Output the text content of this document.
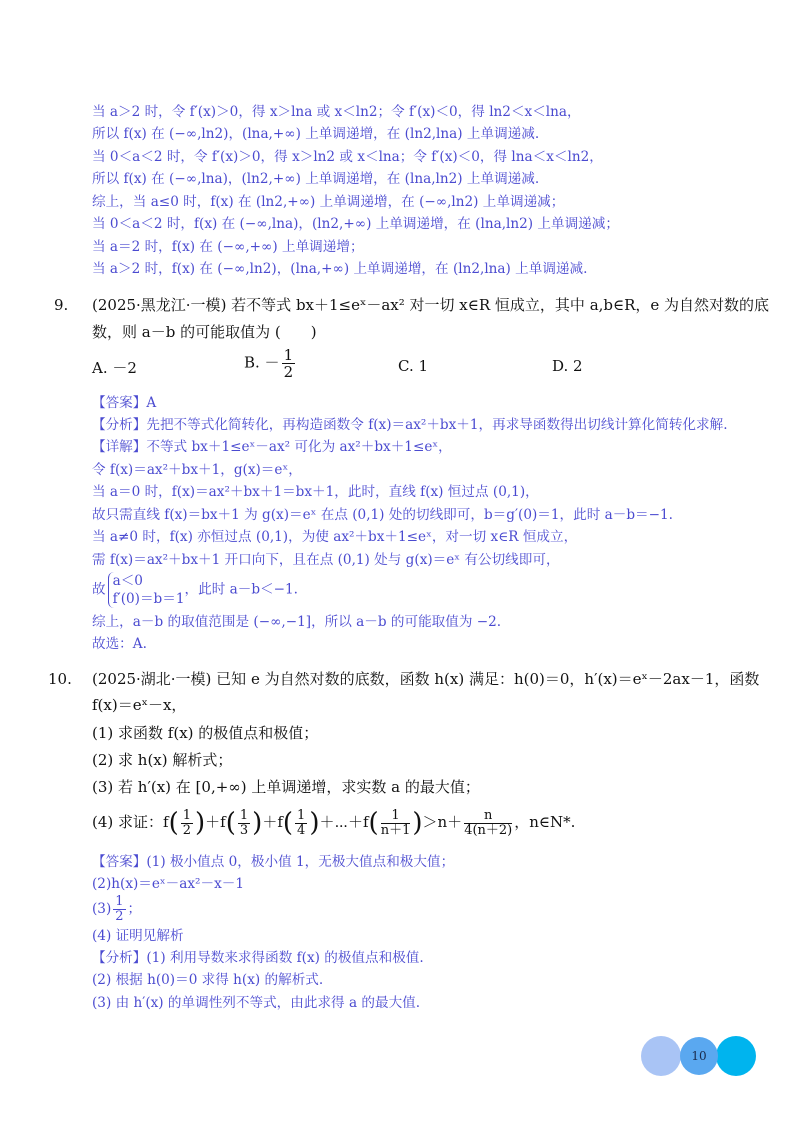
当 a＞2 时，令 f′(x)＞0，得 x＞lna 或 x＜ln2；令 f′(x)＜0，得 ln2＜x＜lna，
所以 f(x) 在 (−∞,ln2)，(lna,+∞) 上单调递增，在 (ln2,lna) 上单调递减.
当 0＜a＜2 时，令 f′(x)＞0，得 x＞ln2 或 x＜lna；令 f′(x)＜0，得 lna＜x＜ln2，
所以 f(x) 在 (−∞,lna)，(ln2,+∞) 上单调递增，在 (lna,ln2) 上单调递减.
综上，当 a≤0 时，f(x) 在 (ln2,+∞) 上单调递增，在 (−∞,ln2) 上单调递减；
当 0＜a＜2 时，f(x) 在 (−∞,lna)，(ln2,+∞) 上单调递增，在 (lna,ln2) 上单调递减；
当 a＝2 时，f(x) 在 (−∞,+∞) 上单调递增；
当 a＞2 时，f(x) 在 (−∞,ln2)，(lna,+∞) 上单调递增，在 (ln2,lna) 上单调递减.
9. (2025·黑龙江·一模) 若不等式 bx＋1≤eˣ－ax² 对一切 x∈R 恒成立，其中 a,b∈R，e 为自然对数的底
数，则 a－b 的可能取值为 (　　)
A. －2	B. － $\frac{1}{2}$	C. 1	D. 2
【答案】A
【分析】先把不等式化简转化，再构造函数令 f(x)＝ax²＋bx＋1，再求导函数得出切线计算化简转化求解.
【详解】不等式 bx＋1≤eˣ－ax² 可化为 ax²＋bx＋1≤eˣ，
令 f(x)＝ax²＋bx＋1，g(x)＝eˣ，
当 a＝0 时，f(x)＝ax²＋bx＋1＝bx＋1，此时，直线 f(x) 恒过点 (0,1)，
故只需直线 f(x)＝bx＋1 为 g(x)＝eˣ 在点 (0,1) 处的切线即可，b＝g′(0)＝1，此时 a－b＝−1.
当 a≠0 时，f(x) 亦恒过点 (0,1)，为使 ax²＋bx＋1≤eˣ，对一切 x∈R 恒成立，
需 f(x)＝ax²＋bx＋1 开口向下，且在点 (0,1) 处与 g(x)＝eˣ 有公切线即可，
故
a＜0
f′(0)＝b＝1
，此时 a－b＜−1.
综上，a－b 的取值范围是 (−∞,−1]，所以 a－b 的可能取值为 −2.
故选：A.
10. (2025·湖北·一模) 已知 e 为自然对数的底数，函数 h(x) 满足：h(0)＝0，h′(x)＝eˣ－2ax－1，函数
f(x)＝eˣ－x，
(1) 求函数 f(x) 的极值点和极值；
(2) 求 h(x) 解析式；
(3) 若 h′(x) 在 [0,+∞) 上单调递增，求实数 a 的最大值；
(4) 求证：$f( \frac{1}{2} )+f( \frac{1}{3} )+f( \frac{1}{4}$ )＋⋯＋f( $\frac{1}{n+1} )>n+ \frac{n}{4(n+2)}$ ，n∈N*.
【答案】(1) 极小值点 0，极小值 1，无极大值点和极大值；
(2)h(x)＝eˣ－ax²－x－1
$(3) \frac{1}{2}$ ；
(4) 证明见解析
【分析】(1) 利用导数来求得函数 f(x) 的极值点和极值.
(2) 根据 h(0)＝0 求得 h(x) 的解析式.
(3) 由 h′(x) 的单调性列不等式，由此求得 a 的最大值.
10
